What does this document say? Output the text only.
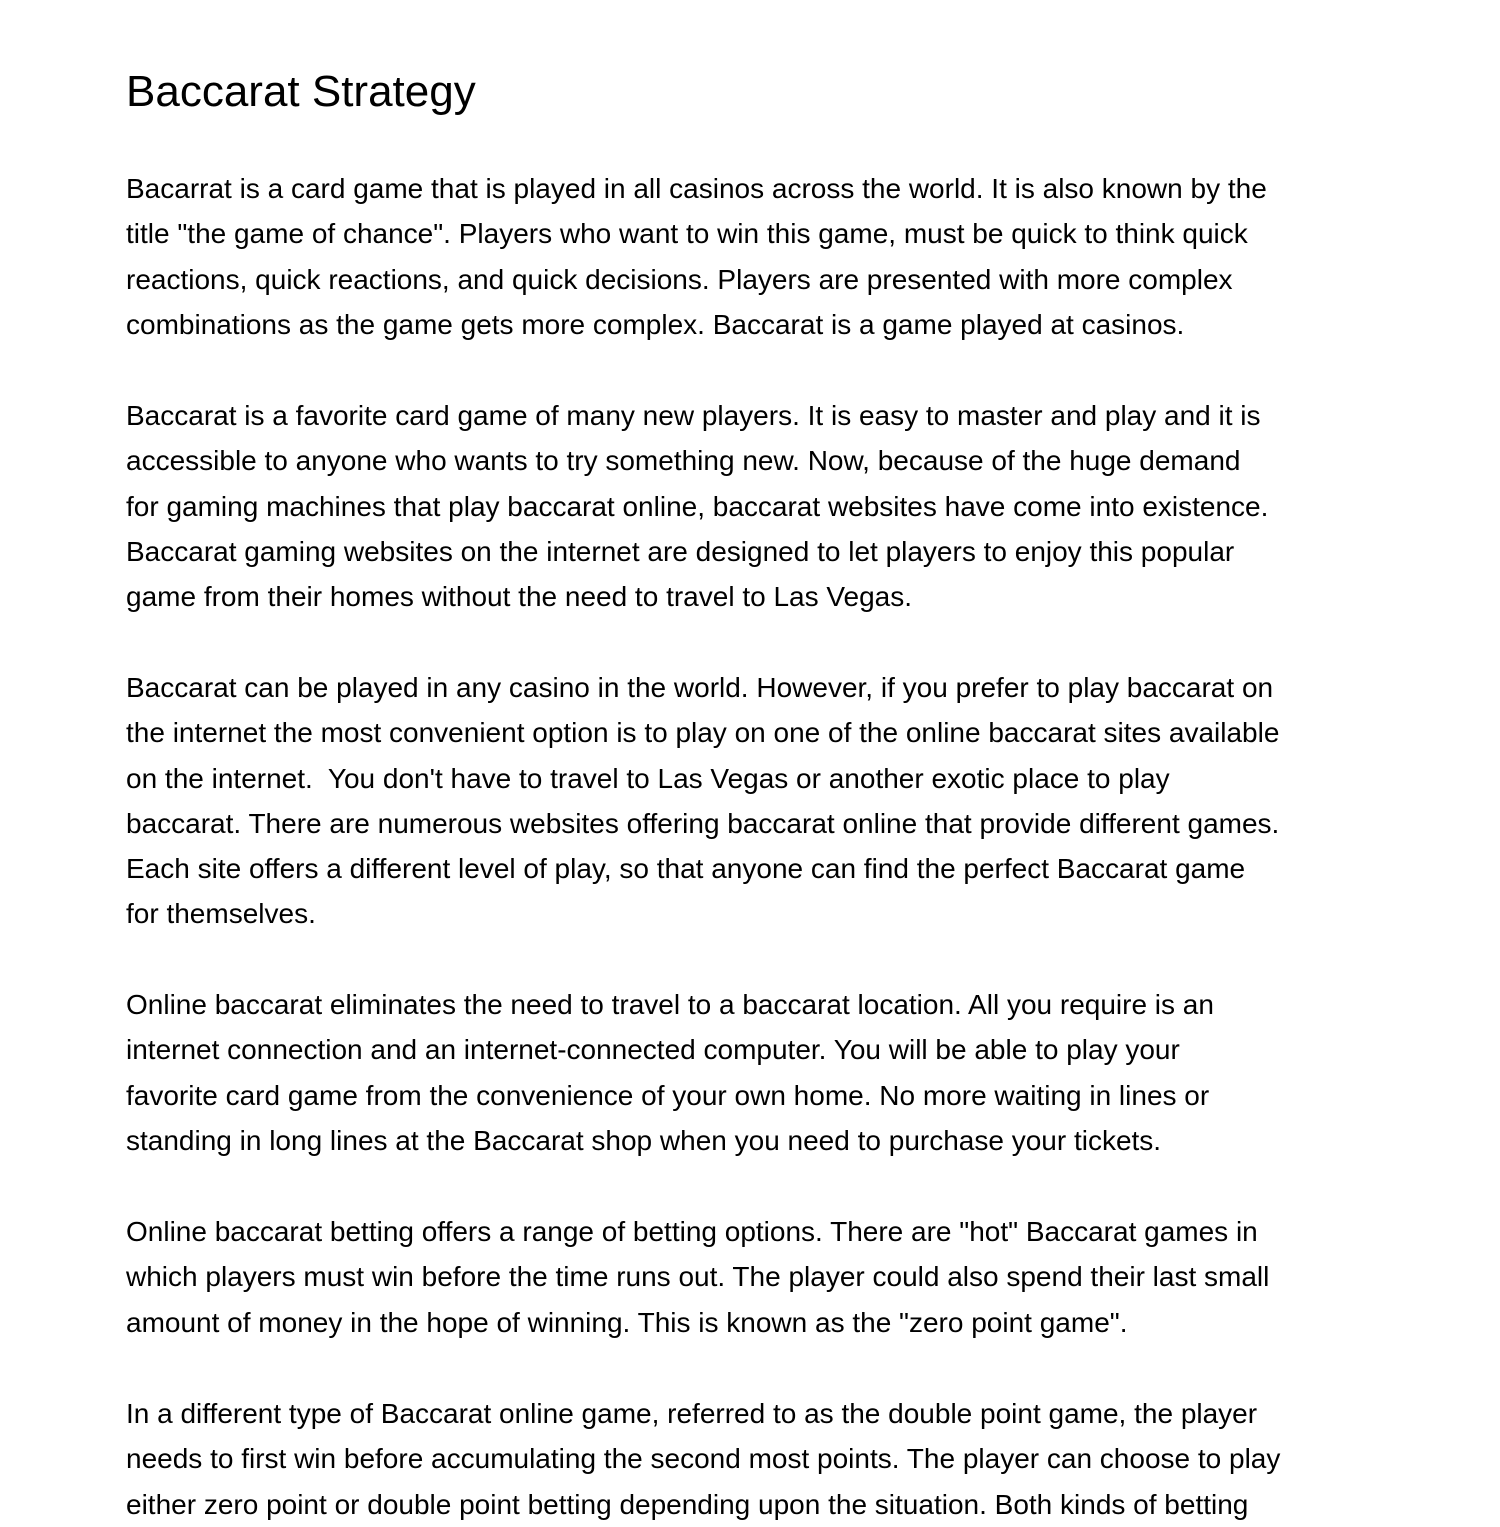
Baccarat Strategy

Bacarrat is a card game that is played in all casinos across the world. It is also known by the
title "the game of chance". Players who want to win this game, must be quick to think quick
reactions, quick reactions, and quick decisions. Players are presented with more complex
combinations as the game gets more complex. Baccarat is a game played at casinos.

Baccarat is a favorite card game of many new players. It is easy to master and play and it is
accessible to anyone who wants to try something new. Now, because of the huge demand
for gaming machines that play baccarat online, baccarat websites have come into existence.
Baccarat gaming websites on the internet are designed to let players to enjoy this popular
game from their homes without the need to travel to Las Vegas.

Baccarat can be played in any casino in the world. However, if you prefer to play baccarat on
the internet the most convenient option is to play on one of the online baccarat sites available
on the internet.  You don't have to travel to Las Vegas or another exotic place to play
baccarat. There are numerous websites offering baccarat online that provide different games.
Each site offers a different level of play, so that anyone can find the perfect Baccarat game
for themselves.

Online baccarat eliminates the need to travel to a baccarat location. All you require is an
internet connection and an internet-connected computer. You will be able to play your
favorite card game from the convenience of your own home. No more waiting in lines or
standing in long lines at the Baccarat shop when you need to purchase your tickets.

Online baccarat betting offers a range of betting options. There are "hot" Baccarat games in
which players must win before the time runs out. The player could also spend their last small
amount of money in the hope of winning. This is known as the "zero point game".

In a different type of Baccarat online game, referred to as the double point game, the player
needs to first win before accumulating the second most points. The player can choose to play
either zero point or double point betting depending upon the situation. Both kinds of betting
